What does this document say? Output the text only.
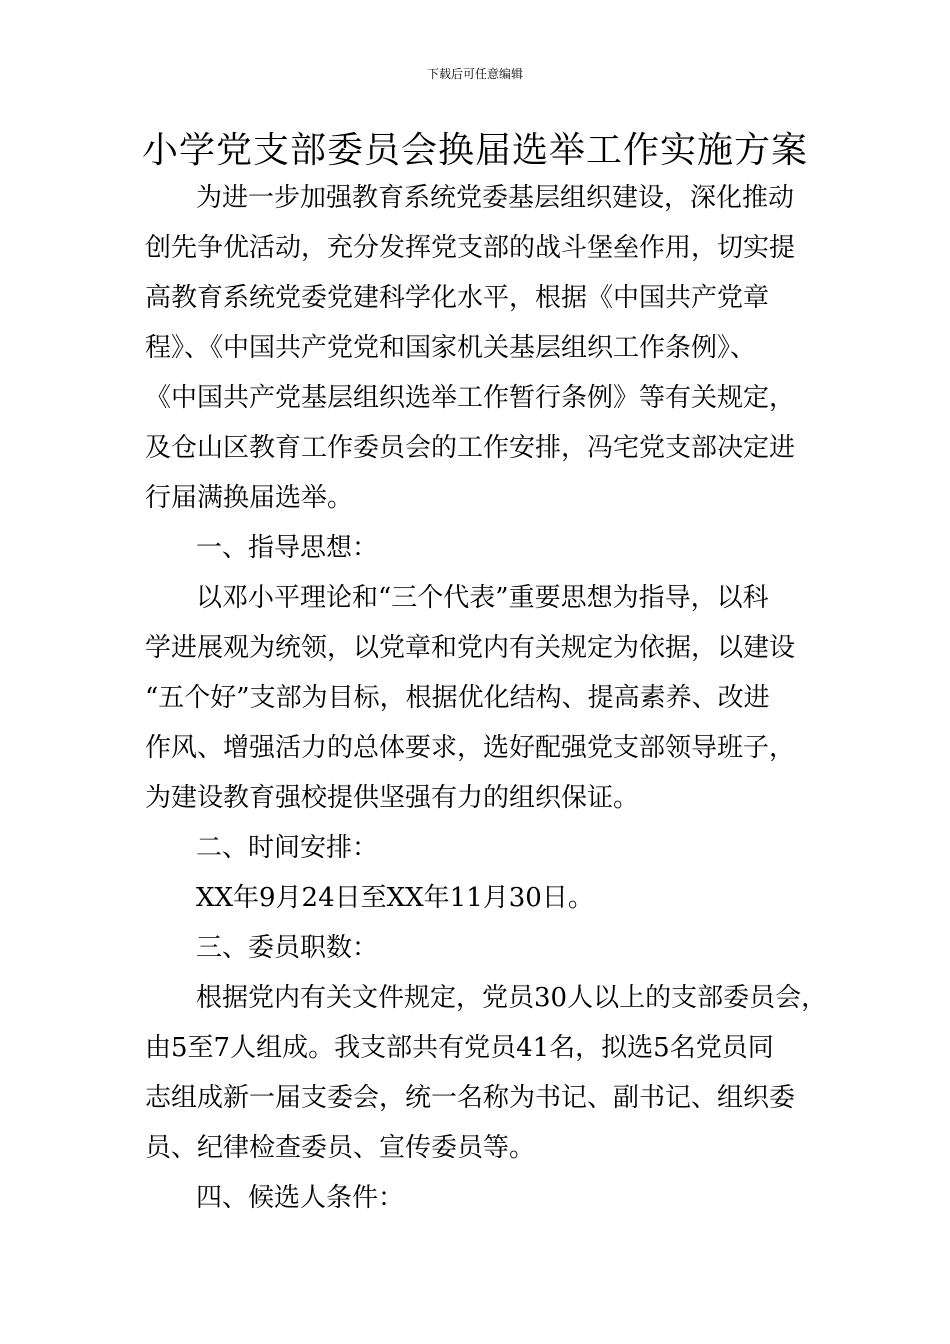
下载后可任意编辑
小学党支部委员会换届选举工作实施方案
为进一步加强教育系统党委基层组织建设，深化推动
创先争优活动，充分发挥党支部的战斗堡垒作用，切实提
高教育系统党委党建科学化水平，根据《中国共产党章
程》、《中国共产党党和国家机关基层组织工作条例》、
《中国共产党基层组织选举工作暂行条例》等有关规定，
及仓山区教育工作委员会的工作安排，冯宅党支部决定进
行届满换届选举。
一、指导思想：
以邓小平理论和“三个代表”重要思想为指导，以科
学进展观为统领，以党章和党内有关规定为依据，以建设
“五个好”支部为目标，根据优化结构、提高素养、改进
作风、增强活力的总体要求，选好配强党支部领导班子，
为建设教育强校提供坚强有力的组织保证。
二、时间安排：
XX年9月24日至XX年11月30日。
三、委员职数：
根据党内有关文件规定，党员30人以上的支部委员会，
由5至7人组成。我支部共有党员41名，拟选5名党员同
志组成新一届支委会，统一名称为书记、副书记、组织委
员、纪律检查委员、宣传委员等。
四、候选人条件：
